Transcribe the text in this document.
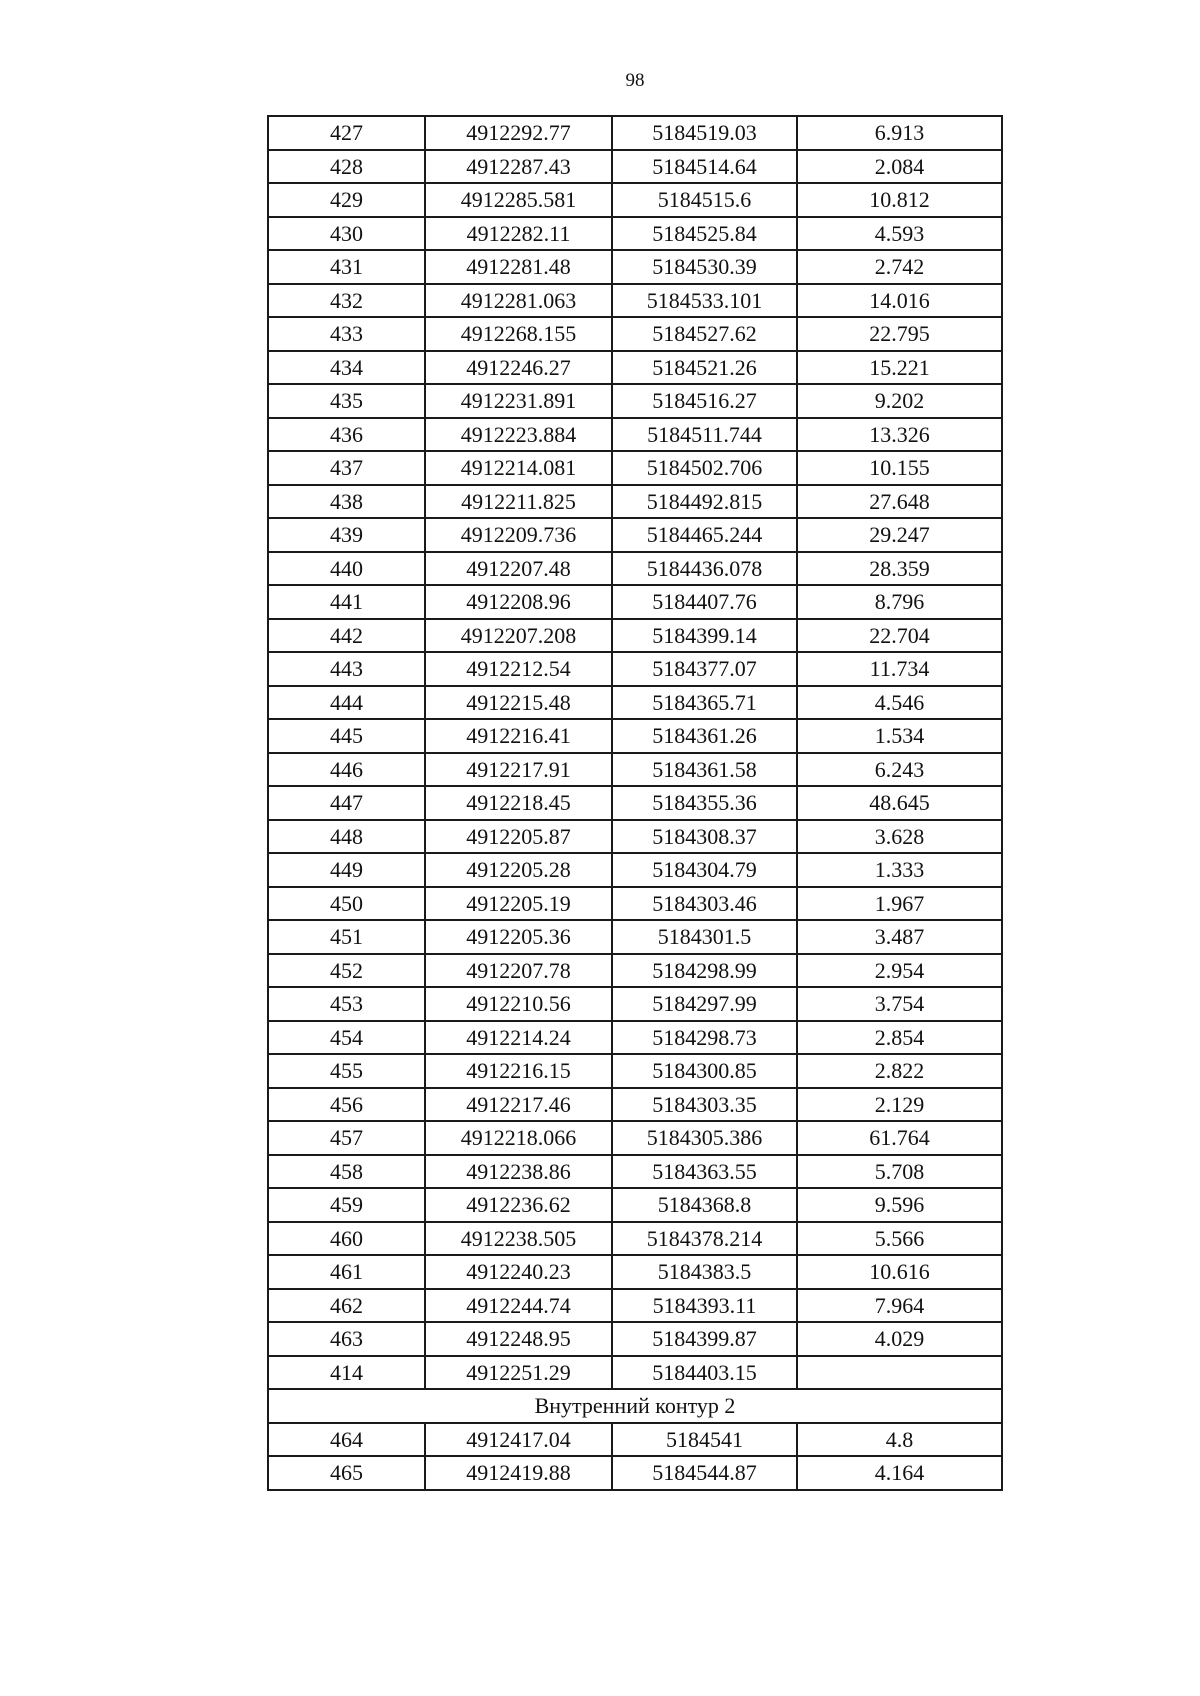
98
427	4912292.77	5184519.03	6.913
428	4912287.43	5184514.64	2.084
429	4912285.581	5184515.6	10.812
430	4912282.11	5184525.84	4.593
431	4912281.48	5184530.39	2.742
432	4912281.063	5184533.101	14.016
433	4912268.155	5184527.62	22.795
434	4912246.27	5184521.26	15.221
435	4912231.891	5184516.27	9.202
436	4912223.884	5184511.744	13.326
437	4912214.081	5184502.706	10.155
438	4912211.825	5184492.815	27.648
439	4912209.736	5184465.244	29.247
440	4912207.48	5184436.078	28.359
441	4912208.96	5184407.76	8.796
442	4912207.208	5184399.14	22.704
443	4912212.54	5184377.07	11.734
444	4912215.48	5184365.71	4.546
445	4912216.41	5184361.26	1.534
446	4912217.91	5184361.58	6.243
447	4912218.45	5184355.36	48.645
448	4912205.87	5184308.37	3.628
449	4912205.28	5184304.79	1.333
450	4912205.19	5184303.46	1.967
451	4912205.36	5184301.5	3.487
452	4912207.78	5184298.99	2.954
453	4912210.56	5184297.99	3.754
454	4912214.24	5184298.73	2.854
455	4912216.15	5184300.85	2.822
456	4912217.46	5184303.35	2.129
457	4912218.066	5184305.386	61.764
458	4912238.86	5184363.55	5.708
459	4912236.62	5184368.8	9.596
460	4912238.505	5184378.214	5.566
461	4912240.23	5184383.5	10.616
462	4912244.74	5184393.11	7.964
463	4912248.95	5184399.87	4.029
414	4912251.29	5184403.15	
Внутренний контур 2			
464	4912417.04	5184541	4.8
465	4912419.88	5184544.87	4.164
